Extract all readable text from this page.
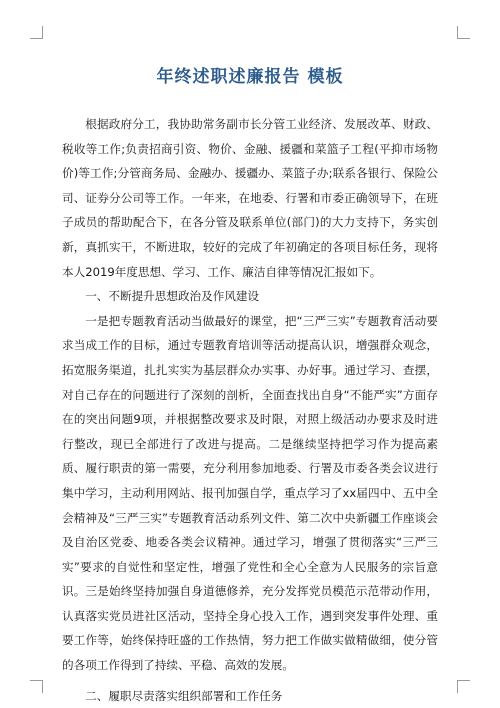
年终述职述廉报告 模板

根据政府分工，我协助常务副市长分管工业经济、发展改革、财政、税收等工作;负责招商引资、物价、金融、援疆和菜篮子工程(平抑市场物价)等工作;分管商务局、金融办、援疆办、菜篮子办;联系各银行、保险公司、证券分公司等工作。一年来，在地委、行署和市委正确领导下，在班子成员的帮助配合下，在各分管及联系单位(部门)的大力支持下，务实创新，真抓实干，不断进取，较好的完成了年初确定的各项目标任务，现将本人2019年度思想、学习、工作、廉洁自律等情况汇报如下。

一、不断提升思想政治及作风建设

一是把专题教育活动当做最好的课堂，把“三严三实”专题教育活动要求当成工作的目标，通过专题教育培训等活动提高认识，增强群众观念，拓宽服务渠道，扎扎实实为基层群众办实事、办好事。通过学习、查摆，对自己存在的问题进行了深刻的剖析，全面查找出自身“不能严实”方面存在的突出问题9项，并根据整改要求及时限，对照上级活动办要求及时进行整改，现已全部进行了改进与提高。二是继续坚持把学习作为提高素质、履行职责的第一需要，充分利用参加地委、行署及市委各类会议进行集中学习，主动利用网站、报刊加强自学，重点学习了xx届四中、五中全会精神及“三严三实”专题教育活动系列文件、第二次中央新疆工作座谈会及自治区党委、地委各类会议精神。通过学习，增强了贯彻落实“三严三实”要求的自觉性和坚定性，增强了党性和全心全意为人民服务的宗旨意识。三是始终坚持加强自身道德修养，充分发挥党员模范示范带动作用，认真落实党员进社区活动，坚持全身心投入工作，遇到突发事件处理、重要工作等，始终保持旺盛的工作热情，努力把工作做实做精做细，使分管的各项工作得到了持续、平稳、高效的发展。

二、履职尽责落实组织部署和工作任务
